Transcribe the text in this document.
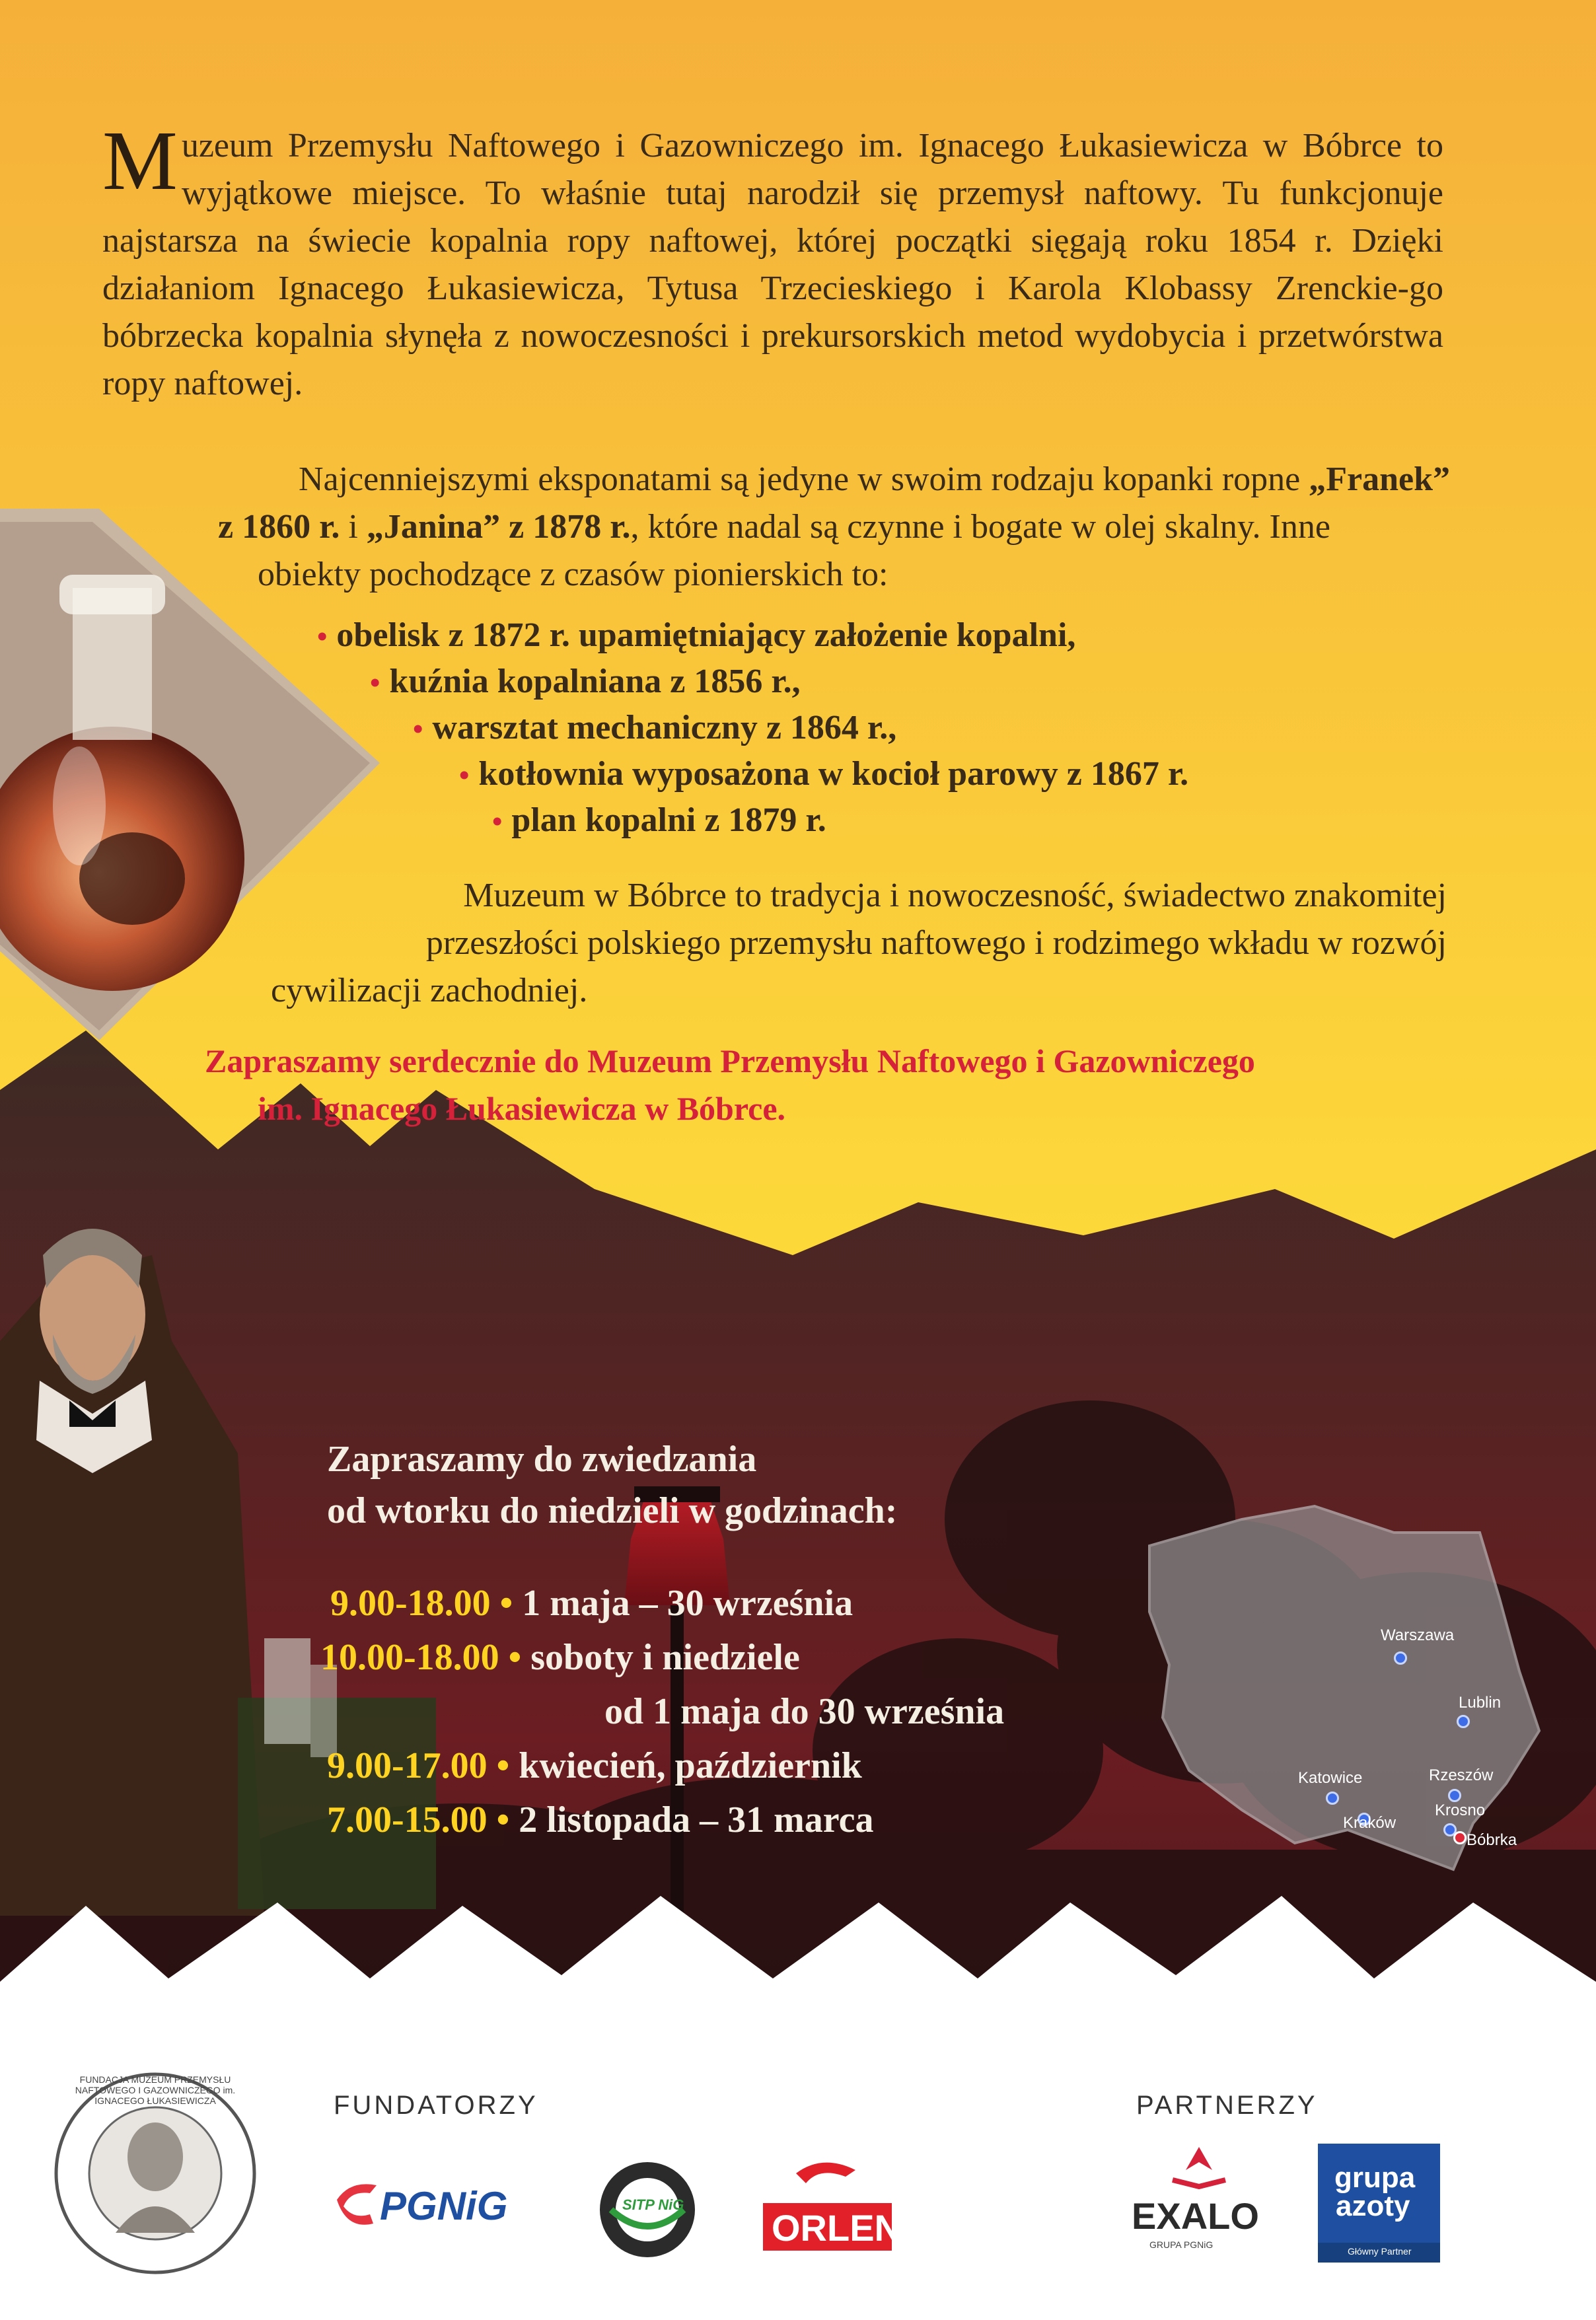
Muzeum Przemysłu Naftowego i Gazowniczego im. Ignacego Łukasiewicza w Bóbrce to wyjątkowe miejsce. To właśnie tutaj narodził się przemysł naftowy. Tu funkcjonuje najstarsza na świecie kopalnia ropy naftowej, której początki sięgają roku 1854 r. Dzięki działaniom Ignacego Łukasiewicza, Tytusa Trzecieskiego i Karola Klobassy Zrenckie-go bóbrzecka kopalnia słynęła z nowoczesności i prekursorskich metod wydobycia i przetwórstwa ropy naftowej.
Najcenniejszymi eksponatami są jedyne w swoim rodzaju kopanki ropne „Franek”
z 1860 r. i „Janina” z 1878 r., które nadal są czynne i bogate w olej skalny. Inne
obiekty pochodzące z czasów pionierskich to:
• obelisk z 1872 r. upamiętniający założenie kopalni,
• kuźnia kopalniana z 1856 r.,
• warsztat mechaniczny z 1864 r.,
• kotłownia wyposażona w kocioł parowy z 1867 r.
• plan kopalni z 1879 r.
Muzeum w Bóbrce to tradycja i nowoczesność, świadectwo znakomitej
przeszłości polskiego przemysłu naftowego i rodzimego wkładu w rozwój
cywilizacji zachodniej.
Zapraszamy serdecznie do Muzeum Przemysłu Naftowego i Gazowniczego
im. Ignacego Łukasiewicza w Bóbrce.
Zapraszamy do zwiedzania
od wtorku do niedzieli w godzinach:
9.00-18.00 • 1 maja – 30 września
10.00-18.00 • soboty i niedziele
od 1 maja do 30 września
9.00-17.00 • kwiecień, październik
7.00-15.00 • 2 listopada – 31 marca
Warszawa
Lublin
Katowice	Rzeszów
Krosno
Kraków
Bóbrka
FUNDATORZY	PARTNERZY
FUNDACJA MUZEUM PRZEMYSŁU NAFTOWEGO I GAZOWNICZEGO im. IGNACEGO ŁUKASIEWICZA
PGNiG	SITP NiG
ORLEN	EXALO
GRUPA PGNiG
grupa
azoty
Główny Partner
